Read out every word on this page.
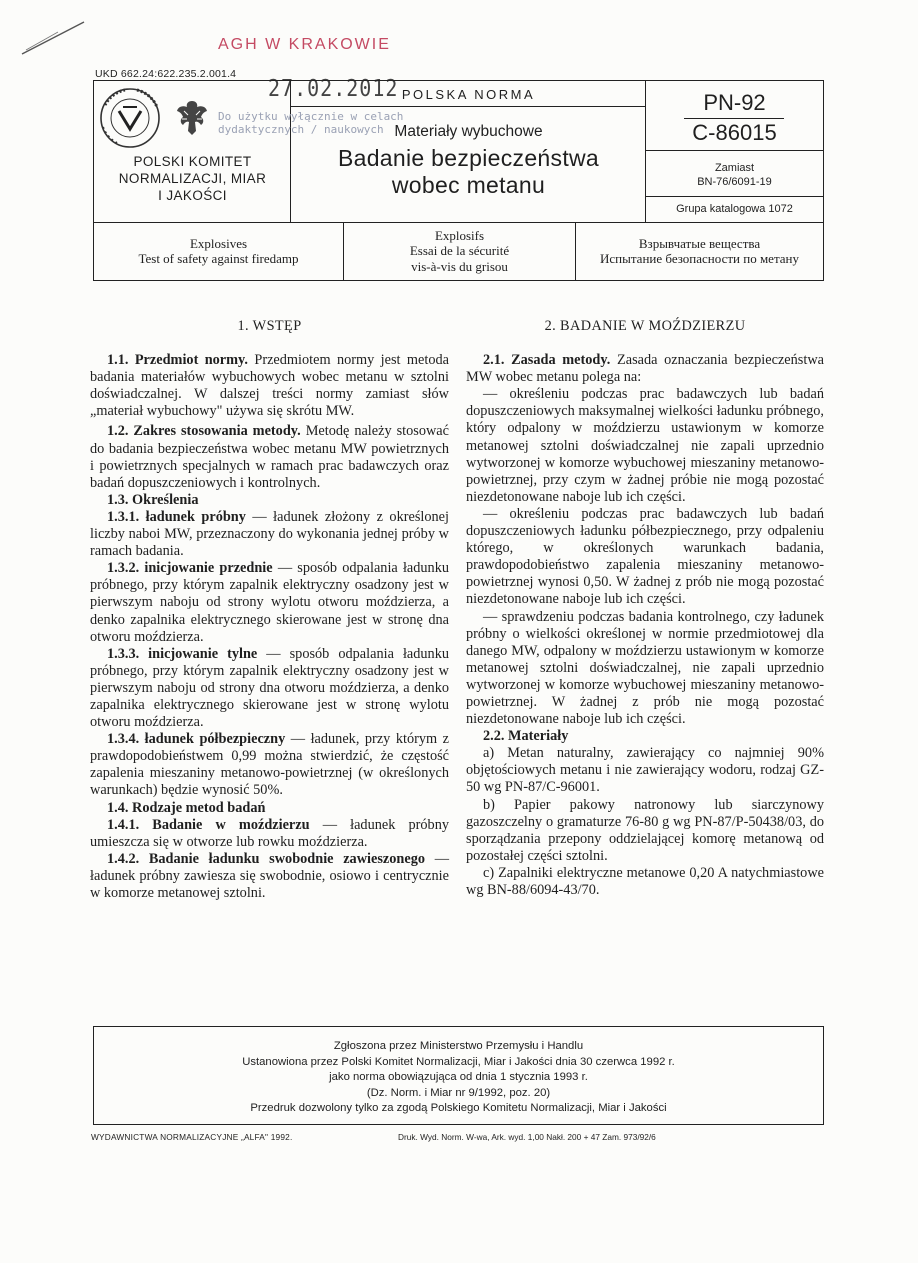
AGH W KRAKOWIE
UKD 662.24:622.235.2.001.4
27.02.2012
POLSKI KOMITET
NORMALIZACJI, MIAR
I JAKOŚCI
POLSKA NORMA
Materiały wybuchowe
Badanie bezpieczeństwa
wobec metanu
PN-92
C-86015
Zamiast
BN-76/6091-19
Grupa katalogowa 1072
Do użytku wyłącznie w celach
dydaktycznych / naukowych
Explosives
Test of safety against firedamp
Explosifs
Essai de la sécurité
vis-à-vis du grisou
Взрывчатые вещества
Испытание безопасности по метану
1. WSTĘP

1.1. Przedmiot normy. Przedmiotem normy jest metoda badania materiałów wybuchowych wobec metanu w sztolni doświadczalnej. W dalszej treści normy zamiast słów „materiał wybuchowy" używa się skrótu MW.

1.2. Zakres stosowania metody. Metodę należy stosować do badania bezpieczeństwa wobec metanu MW powietrznych i powietrznych specjalnych w ramach prac badawczych oraz badań dopuszczeniowych i kontrolnych.

1.3. Określenia

1.3.1. ładunek próbny — ładunek złożony z określonej liczby naboi MW, przeznaczony do wykonania jednej próby w ramach badania.

1.3.2. inicjowanie przednie — sposób odpalania ładunku próbnego, przy którym zapalnik elektryczny osadzony jest w pierwszym naboju od strony wylotu otworu moździerza, a denko zapalnika elektrycznego skierowane jest w stronę dna otworu moździerza.

1.3.3. inicjowanie tylne — sposób odpalania ładunku próbnego, przy którym zapalnik elektryczny osadzony jest w pierwszym naboju od strony dna otworu moździerza, a denko zapalnika elektrycznego skierowane jest w stronę wylotu otworu moździerza.

1.3.4. ładunek półbezpieczny — ładunek, przy którym z prawdopodobieństwem 0,99 można stwierdzić, że częstość zapalenia mieszaniny metanowo-powietrznej (w określonych warunkach) będzie wynosić 50%.

1.4. Rodzaje metod badań

1.4.1. Badanie w moździerzu — ładunek próbny umieszcza się w otworze lub rowku moździerza.

1.4.2. Badanie ładunku swobodnie zawieszonego — ładunek próbny zawiesza się swobodnie, osiowo i centrycznie w komorze metanowej sztolni.

2. BADANIE W MOŹDZIERZU

2.1. Zasada metody. Zasada oznaczania bezpieczeństwa MW wobec metanu polega na:

— określeniu podczas prac badawczych lub badań dopuszczeniowych maksymalnej wielkości ładunku próbnego, który odpalony w moździerzu ustawionym w komorze metanowej sztolni doświadczalnej nie zapali uprzednio wytworzonej w komorze wybuchowej mieszaniny metanowo-powietrznej, przy czym w żadnej próbie nie mogą pozostać niezdetonowane naboje lub ich części.

— określeniu podczas prac badawczych lub badań dopuszczeniowych ładunku półbezpiecznego, przy odpaleniu którego, w określonych warunkach badania, prawdopodobieństwo zapalenia mieszaniny metanowo-powietrznej wynosi 0,50. W żadnej z prób nie mogą pozostać niezdetonowane naboje lub ich części.

— sprawdzeniu podczas badania kontrolnego, czy ładunek próbny o wielkości określonej w normie przedmiotowej dla danego MW, odpalony w moździerzu ustawionym w komorze metanowej sztolni doświadczalnej, nie zapali uprzednio wytworzonej w komorze wybuchowej mieszaniny metanowo-powietrznej. W żadnej z prób nie mogą pozostać niezdetonowane naboje lub ich części.

2.2. Materiały

a) Metan naturalny, zawierający co najmniej 90% objętościowych metanu i nie zawierający wodoru, rodzaj GZ-50 wg PN-87/C-96001.

b) Papier pakowy natronowy lub siarczynowy gazoszczelny o gramaturze 76-80 g wg PN-87/P-50438/03, do sporządzania przepony oddzielającej komorę metanową od pozostałej części sztolni.

c) Zapalniki elektryczne metanowe 0,20 A natychmiastowe wg BN-88/6094-43/70.

Zgłoszona przez Ministerstwo Przemysłu i Handlu
Ustanowiona przez Polski Komitet Normalizacji, Miar i Jakości dnia 30 czerwca 1992 r.
jako norma obowiązująca od dnia 1 stycznia 1993 r.
(Dz. Norm. i Miar nr 9/1992, poz. 20)
Przedruk dozwolony tylko za zgodą Polskiego Komitetu Normalizacji, Miar i Jakości
WYDAWNICTWA NORMALIZACYJNE „ALFA" 1992.	Druk. Wyd. Norm. W-wa, Ark. wyd. 1,00 Nakł. 200 + 47 Zam. 973/92/6
